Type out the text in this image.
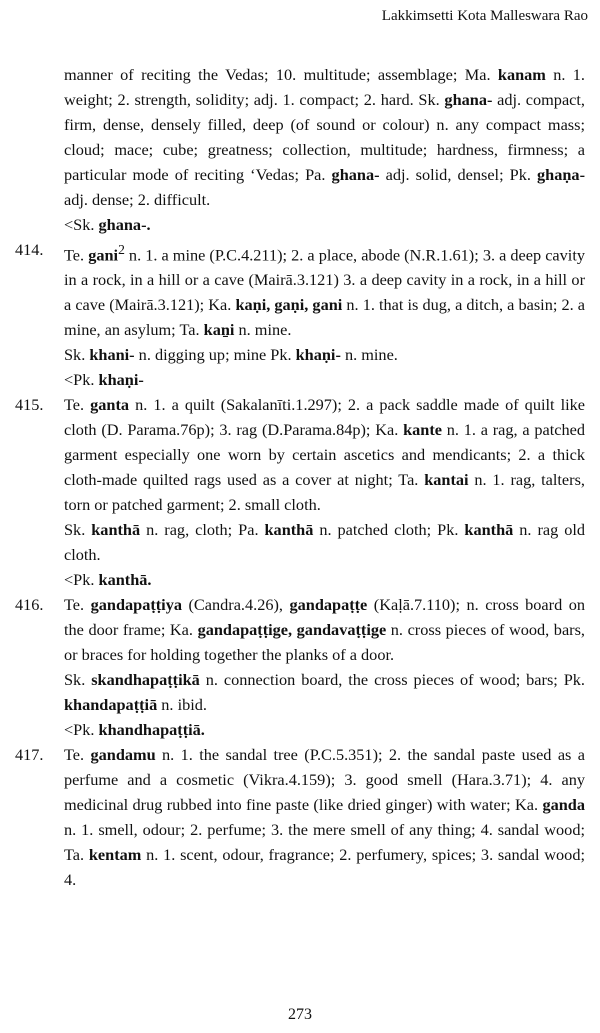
Lakkimsetti Kota Malleswara Rao

manner of reciting the Vedas; 10. multitude; assemblage; Ma. kanam n. 1. weight; 2. strength, solidity; adj. 1. compact; 2. hard. Sk. ghana- adj. compact, firm, dense, densely filled, deep (of sound or colour) n. any compact mass; cloud; mace; cube; greatness; collection, multitude; hardness, firmness; a particular mode of reciting ‘Vedas; Pa. ghana- adj. solid, densel; Pk. ghaṇa- adj. dense; 2. difficult.

<Sk. ghana-.

414.	Te. gani$^2$ n. 1. a mine (P.C.4.211); 2. a place, abode (N.R.1.61); 3. a deep cavity in a rock, in a hill or a cave (Mairā.3.121) 3. a deep cavity in a rock, in a hill or a cave (Mairā.3.121); Ka. kaṇi, gaṇi, gani n. 1. that is dug, a ditch, a basin; 2. a mine, an asylum; Ta. kaṉi n. mine.

Sk. khani- n. digging up; mine Pk. khaṇi- n. mine.

<Pk. khaṇi-

415.	Te. ganta n. 1. a quilt (Sakalanīti.1.297); 2. a pack saddle made of quilt like cloth (D. Parama.76p); 3. rag (D.Parama.84p); Ka. kante n. 1. a rag, a patched garment especially one worn by certain ascetics and mendicants; 2. a thick cloth-made quilted rags used as a cover at night; Ta. kantai n. 1. rag, talters, torn or patched garment; 2. small cloth.

Sk. kanthā n. rag, cloth; Pa. kanthā n. patched cloth; Pk. kanthā n. rag old cloth.

<Pk. kanthā.

416.	Te. gandapaṭṭiya (Candra.4.26), gandapaṭṭe (Kaḷā.7.110); n. cross board on the door frame; Ka. gandapaṭṭige, gandavaṭṭige n. cross pieces of wood, bars, or braces for holding together the planks of a door.

Sk. skandhapaṭṭikā n. connection board, the cross pieces of wood; bars; Pk. khandapaṭṭiā n. ibid.

<Pk. khandhapaṭṭiā.

417.	Te. gandamu n. 1. the sandal tree (P.C.5.351); 2. the sandal paste used as a perfume and a cosmetic (Vikra.4.159); 3. good smell (Hara.3.71); 4. any medicinal drug rubbed into fine paste (like dried ginger) with water; Ka. ganda n. 1. smell, odour; 2. perfume; 3. the mere smell of any thing; 4. sandal wood; Ta. kentam n. 1. scent, odour, fragrance; 2. perfumery, spices; 3. sandal wood; 4.

273
